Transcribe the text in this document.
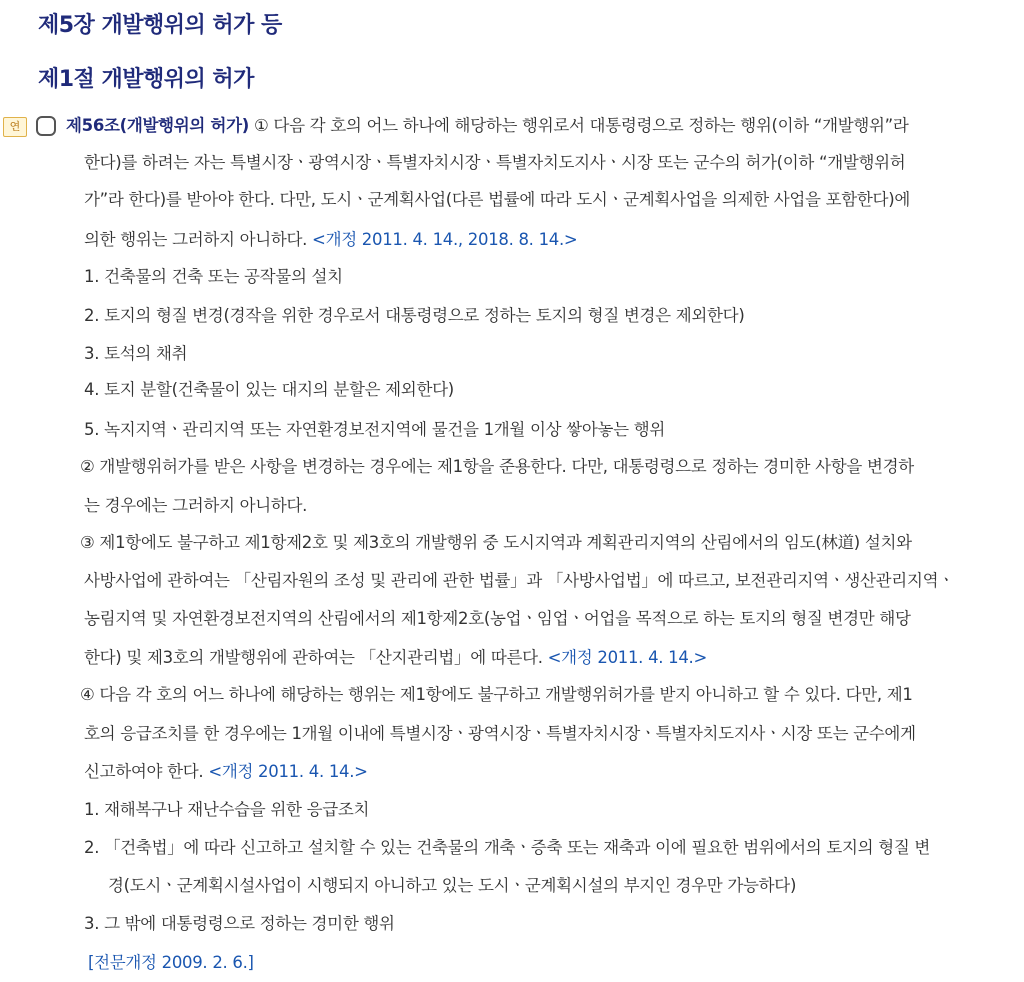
제5장 개발행위의 허가 등
제1절 개발행위의 허가
연	제56조(개발행위의 허가) ① 다음 각 호의 어느 하나에 해당하는 행위로서 대통령령으로 정하는 행위(이하 “개발행위”라
한다)를 하려는 자는 특별시장ㆍ광역시장ㆍ특별자치시장ㆍ특별자치도지사ㆍ시장 또는 군수의 허가(이하 “개발행위허
가”라 한다)를 받아야 한다. 다만, 도시ㆍ군계획사업(다른 법률에 따라 도시ㆍ군계획사업을 의제한 사업을 포함한다)에
의한 행위는 그러하지 아니하다. <개정 2011. 4. 14., 2018. 8. 14.>
1. 건축물의 건축 또는 공작물의 설치
2. 토지의 형질 변경(경작을 위한 경우로서 대통령령으로 정하는 토지의 형질 변경은 제외한다)
3. 토석의 채취
4. 토지 분할(건축물이 있는 대지의 분할은 제외한다)
5. 녹지지역ㆍ관리지역 또는 자연환경보전지역에 물건을 1개월 이상 쌓아놓는 행위
② 개발행위허가를 받은 사항을 변경하는 경우에는 제1항을 준용한다. 다만, 대통령령으로 정하는 경미한 사항을 변경하
는 경우에는 그러하지 아니하다.
③ 제1항에도 불구하고 제1항제2호 및 제3호의 개발행위 중 도시지역과 계획관리지역의 산림에서의 임도(林道) 설치와
사방사업에 관하여는 「산림자원의 조성 및 관리에 관한 법률」과 「사방사업법」에 따르고, 보전관리지역ㆍ생산관리지역ㆍ
농림지역 및 자연환경보전지역의 산림에서의 제1항제2호(농업ㆍ임업ㆍ어업을 목적으로 하는 토지의 형질 변경만 해당
한다) 및 제3호의 개발행위에 관하여는 「산지관리법」에 따른다. <개정 2011. 4. 14.>
④ 다음 각 호의 어느 하나에 해당하는 행위는 제1항에도 불구하고 개발행위허가를 받지 아니하고 할 수 있다. 다만, 제1
호의 응급조치를 한 경우에는 1개월 이내에 특별시장ㆍ광역시장ㆍ특별자치시장ㆍ특별자치도지사ㆍ시장 또는 군수에게
신고하여야 한다. <개정 2011. 4. 14.>
1. 재해복구나 재난수습을 위한 응급조치
2. 「건축법」에 따라 신고하고 설치할 수 있는 건축물의 개축ㆍ증축 또는 재축과 이에 필요한 범위에서의 토지의 형질 변
경(도시ㆍ군계획시설사업이 시행되지 아니하고 있는 도시ㆍ군계획시설의 부지인 경우만 가능하다)
3. 그 밖에 대통령령으로 정하는 경미한 행위
[전문개정 2009. 2. 6.]
